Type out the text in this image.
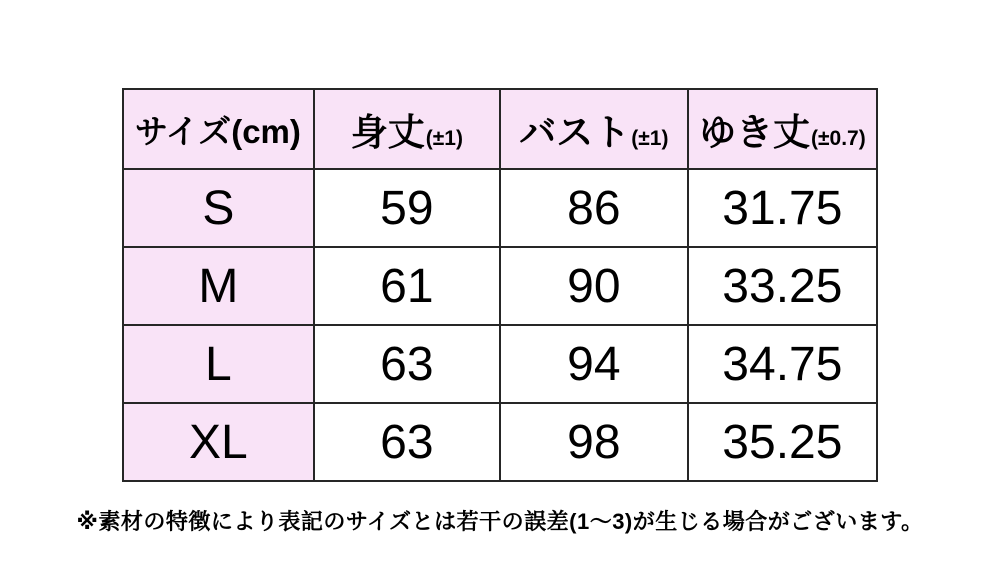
サイズ(cm)	身丈(±1)	バスト(±1)	ゆき丈(±0.7)
S	59	86	31.75
M	61	90	33.25
L	63	94	34.75
XL	63	98	35.25
※素材の特徴により表記のサイズとは若干の誤差(1～3)が生じる場合がございます。
